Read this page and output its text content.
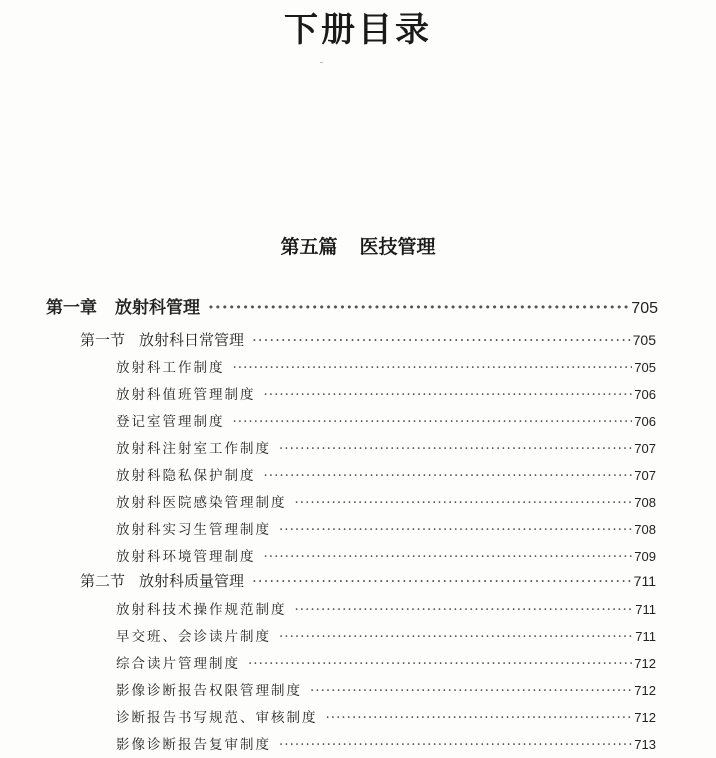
下册目录
第五篇 医技管理
第一章 放射科管理 ·····	705
第一节 放射科日常管理 ·····	705
放射科工作制度 ·····	705
放射科值班管理制度 ·····	706
登记室管理制度 ·····	706
放射科注射室工作制度 ·····	707
放射科隐私保护制度 ·····	707
放射科医院感染管理制度 ·····	708
放射科实习生管理制度 ·····	708
放射科环境管理制度 ·····	709
第二节 放射科质量管理 ·····	711
放射科技术操作规范制度 ·····	711
早交班、会诊读片制度 ·····	711
综合读片管理制度 ·····	712
影像诊断报告权限管理制度 ·····	712
诊断报告书写规范、审核制度 ·····	712
影像诊断报告复审制度 ·····	713
